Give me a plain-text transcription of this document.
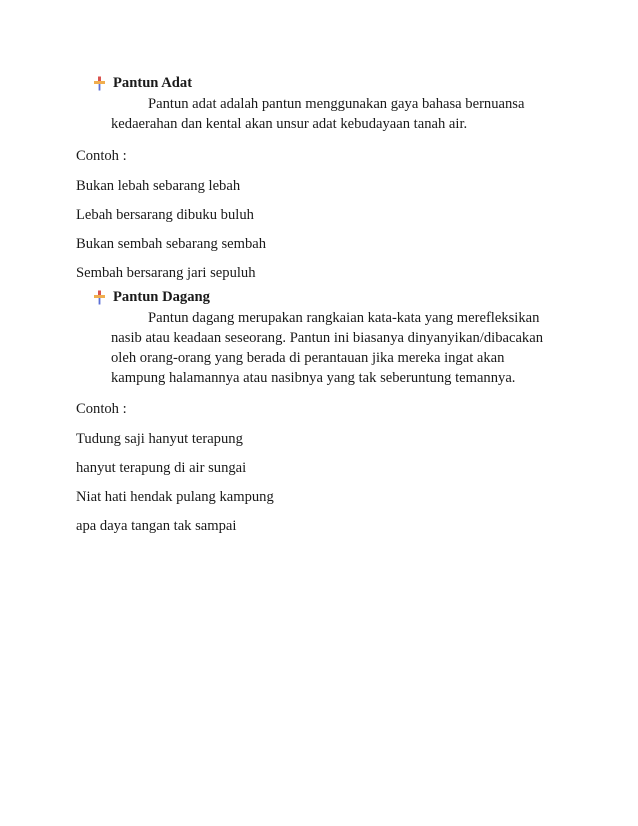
Pantun Adat
Pantun adat adalah pantun menggunakan gaya bahasa bernuansa
kedaerahan dan kental akan unsur adat kebudayaan tanah air.
Contoh :
Bukan lebah sebarang lebah
Lebah bersarang dibuku buluh
Bukan sembah sebarang sembah
Sembah bersarang jari sepuluh
Pantun Dagang
Pantun dagang merupakan rangkaian kata-kata yang merefleksikan
nasib atau keadaan seseorang. Pantun ini biasanya dinyanyikan/dibacakan
oleh orang-orang yang berada di perantauan jika mereka ingat akan
kampung halamannya atau nasibnya yang tak seberuntung temannya.
Contoh :
Tudung saji hanyut terapung
hanyut terapung di air sungai
Niat hati hendak pulang kampung
apa daya tangan tak sampai
